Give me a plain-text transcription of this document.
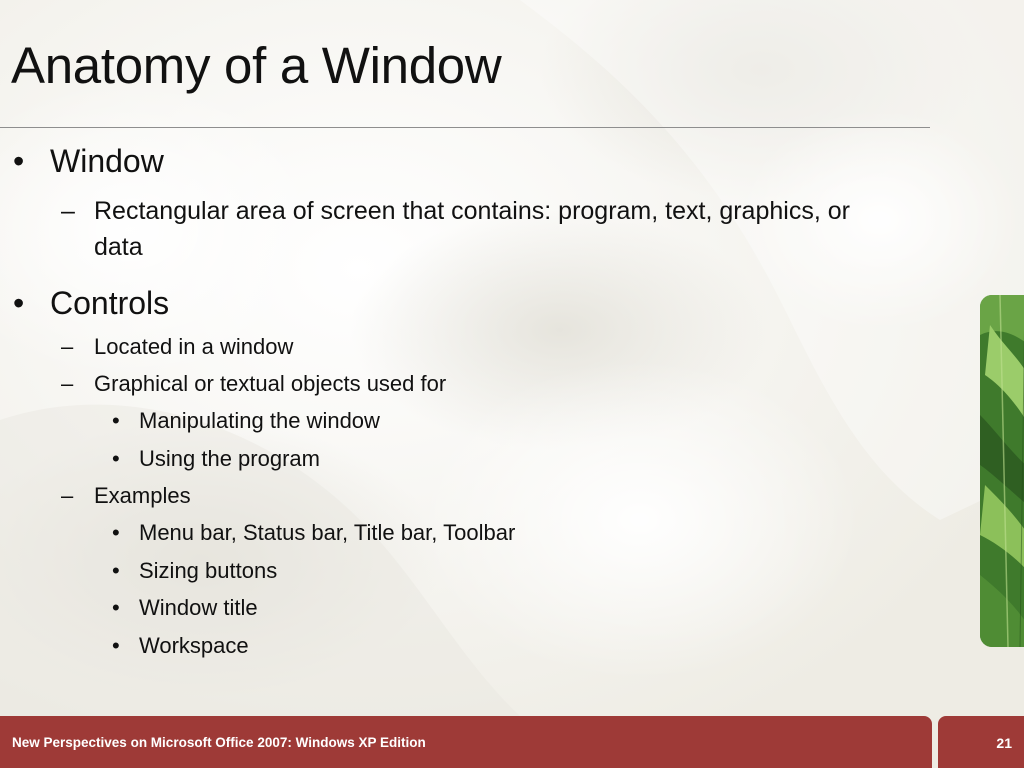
Anatomy of a Window
• Window
– Rectangular area of screen that contains: program, text, graphics, or data
• Controls
– Located in a window
– Graphical or textual objects used for
• Manipulating the window
• Using the program
– Examples
• Menu bar, Status bar, Title bar, Toolbar
• Sizing buttons
• Window title
• Workspace
New Perspectives on Microsoft Office 2007: Windows XP Edition	21
